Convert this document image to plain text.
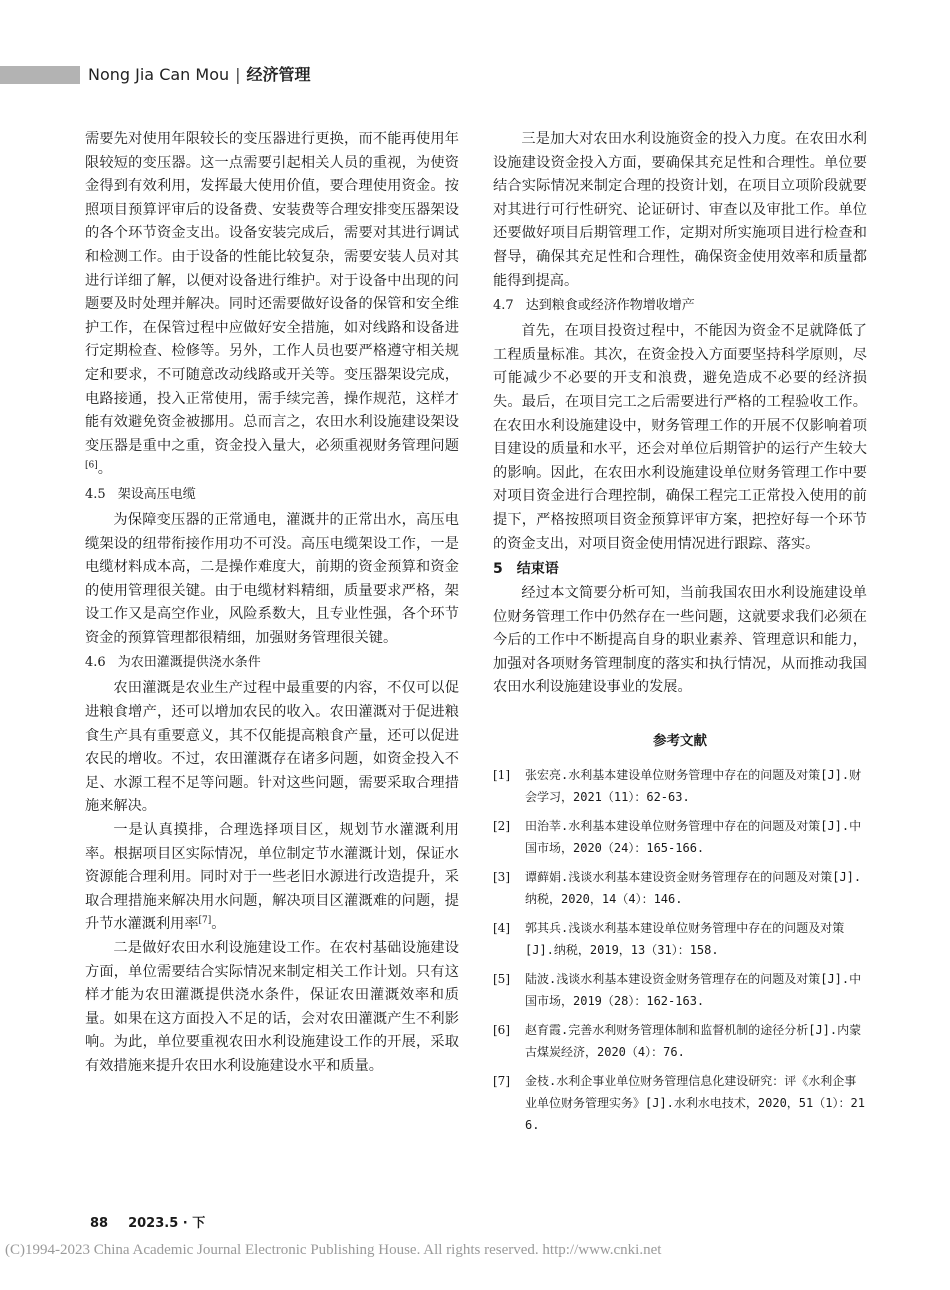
Nong Jia Can Mou | 经济管理

需要先对使用年限较长的变压器进行更换，而不能再使用年限较短的变压器。这一点需要引起相关人员的重视，为使资金得到有效利用，发挥最大使用价值，要合理使用资金。按照项目预算评审后的设备费、安装费等合理安排变压器架设的各个环节资金支出。设备安装完成后，需要对其进行调试和检测工作。由于设备的性能比较复杂，需要安装人员对其进行详细了解，以便对设备进行维护。对于设备中出现的问题要及时处理并解决。同时还需要做好设备的保管和安全维护工作，在保管过程中应做好安全措施，如对线路和设备进行定期检查、检修等。另外，工作人员也要严格遵守相关规定和要求，不可随意改动线路或开关等。变压器架设完成，电路接通，投入正常使用，需手续完善，操作规范，这样才能有效避免资金被挪用。总而言之，农田水利设施建设架设变压器是重中之重，资金投入量大，必须重视财务管理问题[6]。

4.5 架设高压电缆

为保障变压器的正常通电，灌溉井的正常出水，高压电缆架设的纽带衔接作用功不可没。高压电缆架设工作，一是电缆材料成本高，二是操作难度大，前期的资金预算和资金的使用管理很关键。由于电缆材料精细，质量要求严格，架设工作又是高空作业，风险系数大，且专业性强，各个环节资金的预算管理都很精细，加强财务管理很关键。

4.6 为农田灌溉提供浇水条件

农田灌溉是农业生产过程中最重要的内容，不仅可以促进粮食增产，还可以增加农民的收入。农田灌溉对于促进粮食生产具有重要意义，其不仅能提高粮食产量，还可以促进农民的增收。不过，农田灌溉存在诸多问题，如资金投入不足、水源工程不足等问题。针对这些问题，需要采取合理措施来解决。

一是认真摸排，合理选择项目区，规划节水灌溉利用率。根据项目区实际情况，单位制定节水灌溉计划，保证水资源能合理利用。同时对于一些老旧水源进行改造提升，采取合理措施来解决用水问题，解决项目区灌溉难的问题，提升节水灌溉利用率[7]。

二是做好农田水利设施建设工作。在农村基础设施建设方面，单位需要结合实际情况来制定相关工作计划。只有这样才能为农田灌溉提供浇水条件，保证农田灌溉效率和质量。如果在这方面投入不足的话，会对农田灌溉产生不利影响。为此，单位要重视农田水利设施建设工作的开展，采取有效措施来提升农田水利设施建设水平和质量。

三是加大对农田水利设施资金的投入力度。在农田水利设施建设资金投入方面，要确保其充足性和合理性。单位要结合实际情况来制定合理的投资计划，在项目立项阶段就要对其进行可行性研究、论证研讨、审查以及审批工作。单位还要做好项目后期管理工作，定期对所实施项目进行检查和督导，确保其充足性和合理性，确保资金使用效率和质量都能得到提高。

4.7 达到粮食或经济作物增收增产

首先，在项目投资过程中，不能因为资金不足就降低了工程质量标准。其次，在资金投入方面要坚持科学原则，尽可能减少不必要的开支和浪费，避免造成不必要的经济损失。最后，在项目完工之后需要进行严格的工程验收工作。在农田水利设施建设中，财务管理工作的开展不仅影响着项目建设的质量和水平，还会对单位后期管护的运行产生较大的影响。因此，在农田水利设施建设单位财务管理工作中要对项目资金进行合理控制，确保工程完工正常投入使用的前提下，严格按照项目资金预算评审方案，把控好每一个环节的资金支出，对项目资金使用情况进行跟踪、落实。

5 结束语

经过本文简要分析可知，当前我国农田水利设施建设单位财务管理工作中仍然存在一些问题，这就要求我们必须在今后的工作中不断提高自身的职业素养、管理意识和能力，加强对各项财务管理制度的落实和执行情况，从而推动我国农田水利设施建设事业的发展。

参考文献
[1]	张宏亮.水利基本建设单位财务管理中存在的问题及对策[J].财会学习，2021（11）：62-63.
[2]	田治莘.水利基本建设单位财务管理中存在的问题及对策[J].中国市场，2020（24）：165-166.
[3]	谭藓娟.浅谈水利基本建设资金财务管理存在的问题及对策[J].纳税，2020，14（4）：146.
[4]	郭其兵.浅谈水利基本建设单位财务管理中存在的问题及对策[J].纳税，2019，13（31）：158.
[5]	陆波.浅谈水利基本建设资金财务管理存在的问题及对策[J].中国市场，2019（28）：162-163.
[6]	赵育霞.完善水利财务管理体制和监督机制的途径分析[J].内蒙古煤炭经济，2020（4）：76.
[7]	金枝.水利企事业单位财务管理信息化建设研究：评《水利企事业单位财务管理实务》[J].水利水电技术，2020，51（1）：216.
88 2023.5 · 下
(C)1994-2023 China Academic Journal Electronic Publishing House. All rights reserved. http://www.cnki.net
